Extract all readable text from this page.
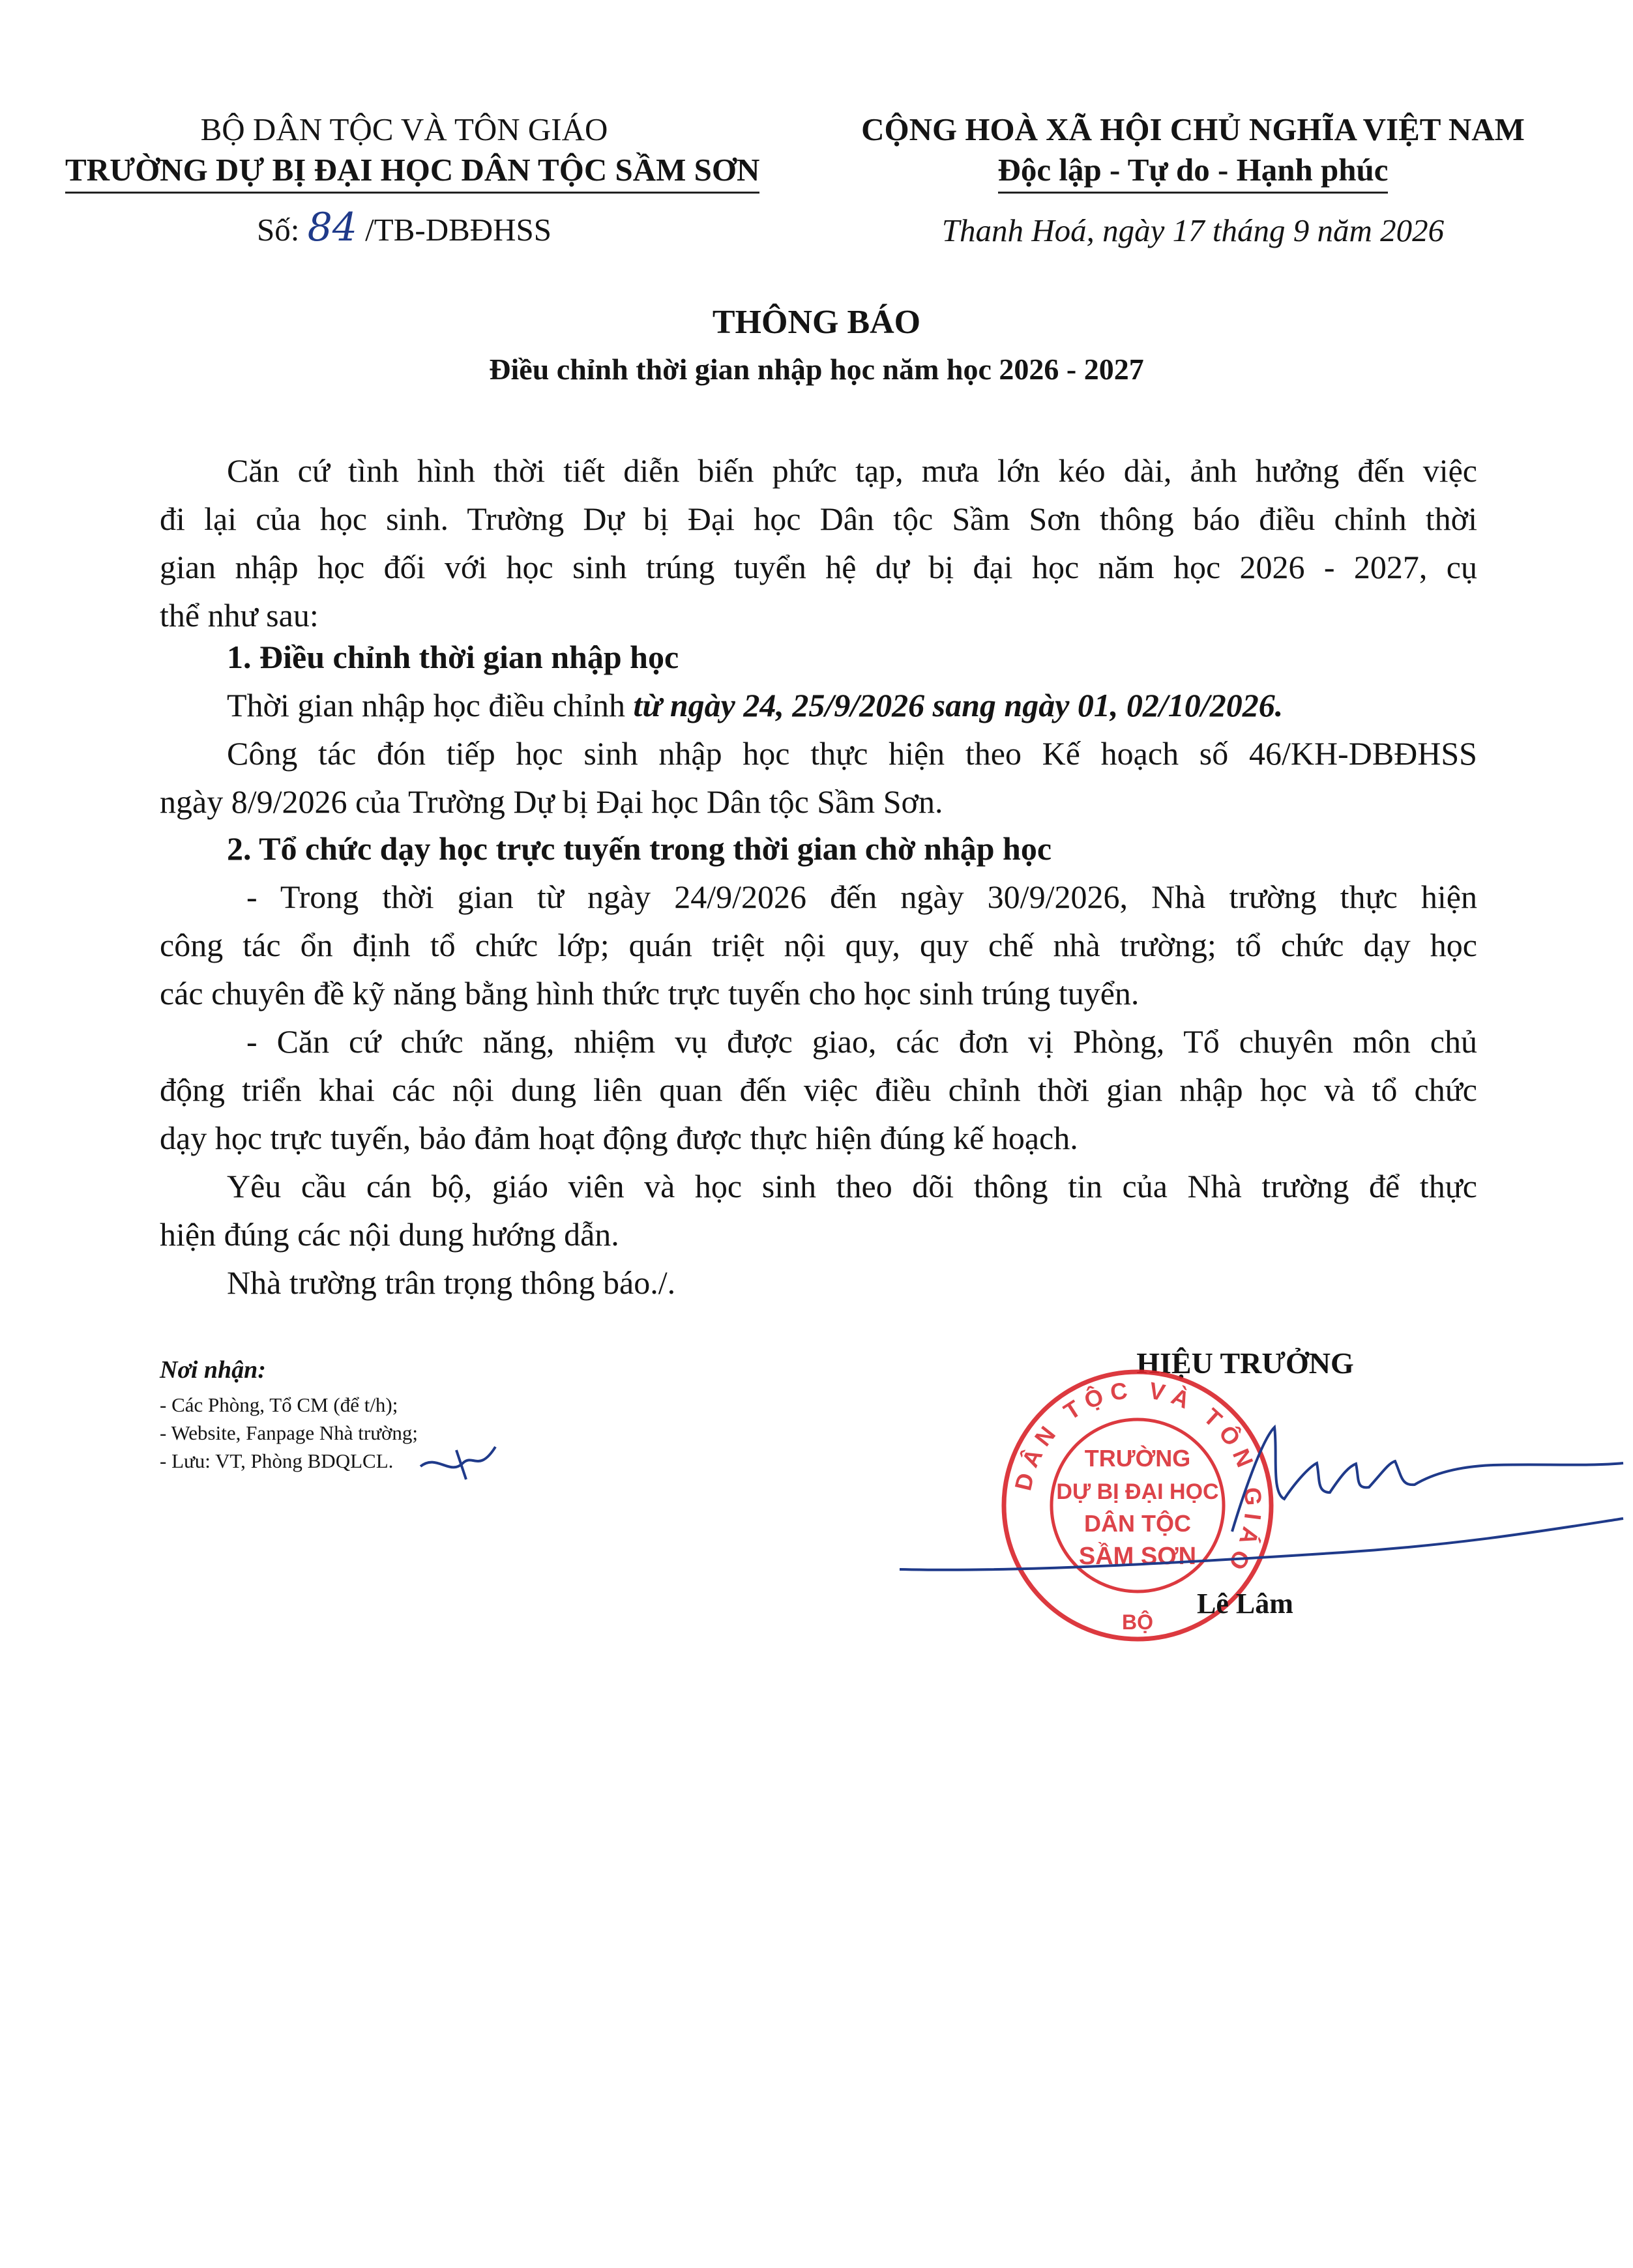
BỘ DÂN TỘC VÀ TÔN GIÁO
TRƯỜNG DỰ BỊ ĐẠI HỌC DÂN TỘC SẦM SƠN
Số: 84 /TB-DBĐHSS
CỘNG HOÀ XÃ HỘI CHỦ NGHĨA VIỆT NAM
Độc lập - Tự do - Hạnh phúc
Thanh Hoá, ngày 17 tháng 9 năm 2026
THÔNG BÁO
Điều chỉnh thời gian nhập học năm học 2026 - 2027
Căn cứ tình hình thời tiết diễn biến phức tạp, mưa lớn kéo dài, ảnh hưởng đến việc
đi lại của học sinh. Trường Dự bị Đại học Dân tộc Sầm Sơn thông báo điều chỉnh thời
gian nhập học đối với học sinh trúng tuyển hệ dự bị đại học năm học 2026 - 2027, cụ
thể như sau:
1. Điều chỉnh thời gian nhập học
Thời gian nhập học điều chỉnh từ ngày 24, 25/9/2026 sang ngày 01, 02/10/2026.
Công tác đón tiếp học sinh nhập học thực hiện theo Kế hoạch số 46/KH-DBĐHSS
ngày 8/9/2026 của Trường Dự bị Đại học Dân tộc Sầm Sơn.
2. Tổ chức dạy học trực tuyến trong thời gian chờ nhập học
- Trong thời gian từ ngày 24/9/2026 đến ngày 30/9/2026, Nhà trường thực hiện
công tác ổn định tổ chức lớp; quán triệt nội quy, quy chế nhà trường; tổ chức dạy học
các chuyên đề kỹ năng bằng hình thức trực tuyến cho học sinh trúng tuyển.
- Căn cứ chức năng, nhiệm vụ được giao, các đơn vị Phòng, Tổ chuyên môn chủ
động triển khai các nội dung liên quan đến việc điều chỉnh thời gian nhập học và tổ chức
dạy học trực tuyến, bảo đảm hoạt động được thực hiện đúng kế hoạch.
Yêu cầu cán bộ, giáo viên và học sinh theo dõi thông tin của Nhà trường để thực
hiện đúng các nội dung hướng dẫn.
Nhà trường trân trọng thông báo./.
Nơi nhận:
- Các Phòng, Tổ CM (để t/h);
- Website, Fanpage Nhà trường;
- Lưu: VT, Phòng BDQLCL.
HIỆU TRƯỞNG
DÂN TỘC VÀ TÔN GIÁO
BỘ
TRƯỜNG
DỰ BỊ ĐẠI HỌC
DÂN TỘC
SẦM SƠN
Lê Lâm
